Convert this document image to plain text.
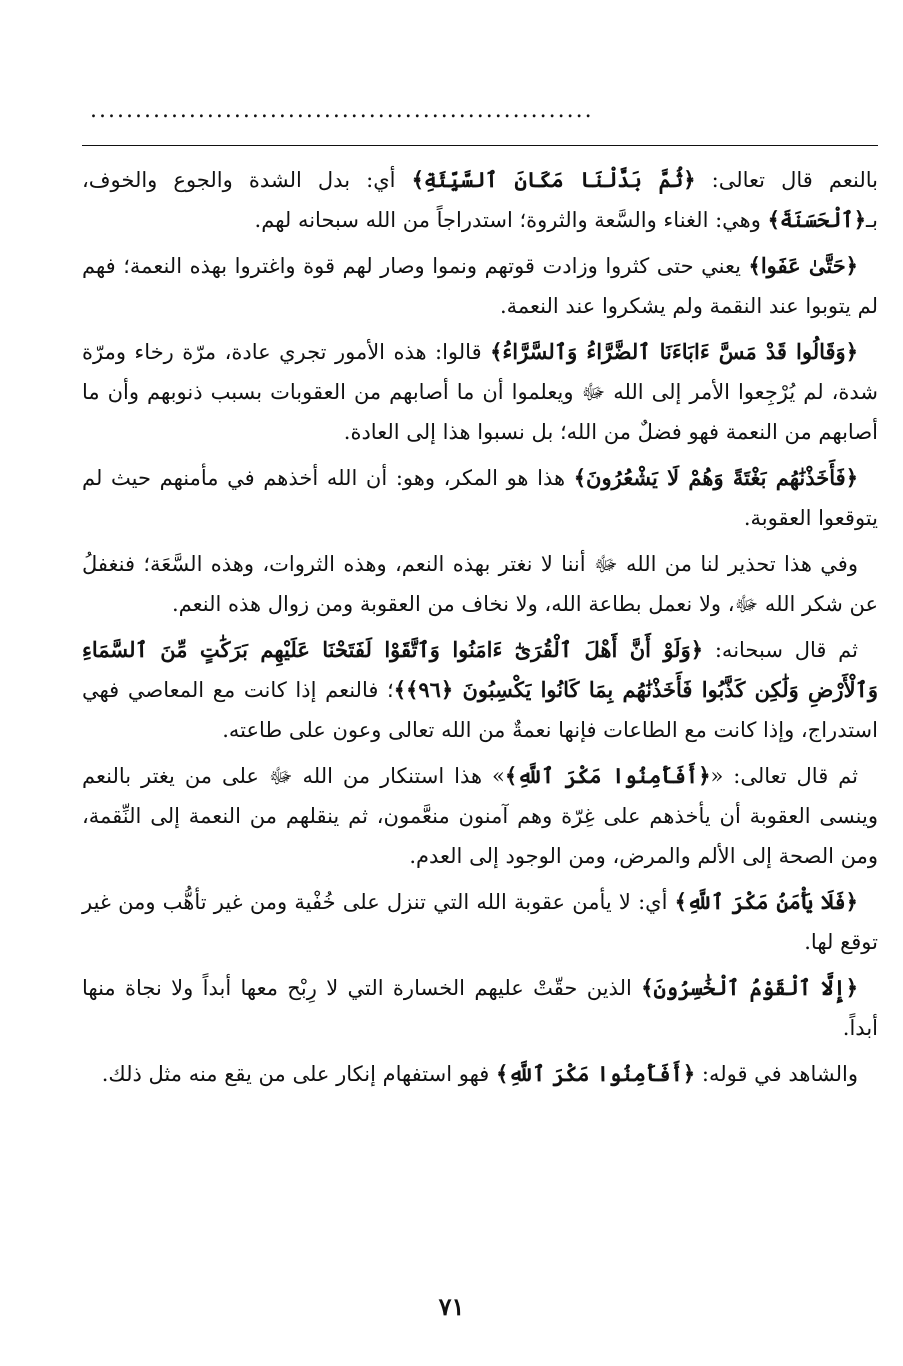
........................................................

بالنعم قال تعالى: ﴿ثُمَّ بَدَّلْنَا مَكَانَ ٱلسَّيِّئَةِ﴾ أي: بدل الشدة والجوع والخوف، بـ﴿ٱلْحَسَنَةَ﴾ وهي: الغناء والسَّعة والثروة؛ استدراجاً من الله سبحانه لهم.

﴿حَتَّىٰ عَفَوا﴾ يعني حتى كثروا وزادت قوتهم ونموا وصار لهم قوة واغتروا بهذه النعمة؛ فهم لم يتوبوا عند النقمة ولم يشكروا عند النعمة.

﴿وَقَالُوا قَدْ مَسَّ ءَابَاءَنَا ٱلضَّرَّاءُ وَٱلسَّرَّاءُ﴾ قالوا: هذه الأمور تجري عادة، مرّة رخاء ومرّة شدة، لم يُرْجِعوا الأمر إلى الله ﷻ ويعلموا أن ما أصابهم من العقوبات بسبب ذنوبهم وأن ما أصابهم من النعمة فهو فضلٌ من الله؛ بل نسبوا هذا إلى العادة.

﴿فَأَخَذْنَٰهُم بَغْتَةً وَهُمْ لَا يَشْعُرُونَ﴾ هذا هو المكر، وهو: أن الله أخذهم في مأمنهم حيث لم يتوقعوا العقوبة.

وفي هذا تحذير لنا من الله ﷻ أننا لا نغتر بهذه النعم، وهذه الثروات، وهذه السَّعَة؛ فنغفلُ عن شكر الله ﷻ، ولا نعمل بطاعة الله، ولا نخاف من العقوبة ومن زوال هذه النعم.

ثم قال سبحانه: ﴿وَلَوْ أَنَّ أَهْلَ ٱلْقُرَىٰٓ ءَامَنُوا وَٱتَّقَوْا لَفَتَحْنَا عَلَيْهِم بَرَكَٰتٍ مِّنَ ٱلسَّمَاءِ وَٱلْأَرْضِ وَلَٰكِن كَذَّبُوا فَأَخَذْنَٰهُم بِمَا كَانُوا يَكْسِبُونَ ﴿٩٦﴾﴾؛ فالنعم إذا كانت مع المعاصي فهي استدراج، وإذا كانت مع الطاعات فإنها نعمةٌ من الله تعالى وعون على طاعته.

ثم قال تعالى: «﴿أَفَأَمِنُوا مَكْرَ ٱللَّهِ﴾» هذا استنكار من الله ﷻ على من يغتر بالنعم وينسى العقوبة أن يأخذهم على غِرّة وهم آمنون منعَّمون، ثم ينقلهم من النعمة إلى النِّقمة، ومن الصحة إلى الألم والمرض، ومن الوجود إلى العدم.

﴿فَلَا يَأْمَنُ مَكْرَ ٱللَّهِ﴾ أي: لا يأمن عقوبة الله التي تنزل على خُفْية ومن غير تأهُّب ومن غير توقع لها.

﴿إِلَّا ٱلْقَوْمُ ٱلْخَٰسِرُونَ﴾ الذين حقّتْ عليهم الخسارة التي لا رِبْح معها أبداً ولا نجاة منها أبداً.

والشاهد في قوله: ﴿أَفَأَمِنُوا مَكْرَ ٱللَّهِ﴾ فهو استفهام إنكار على من يقع منه مثل ذلك.

٧١
